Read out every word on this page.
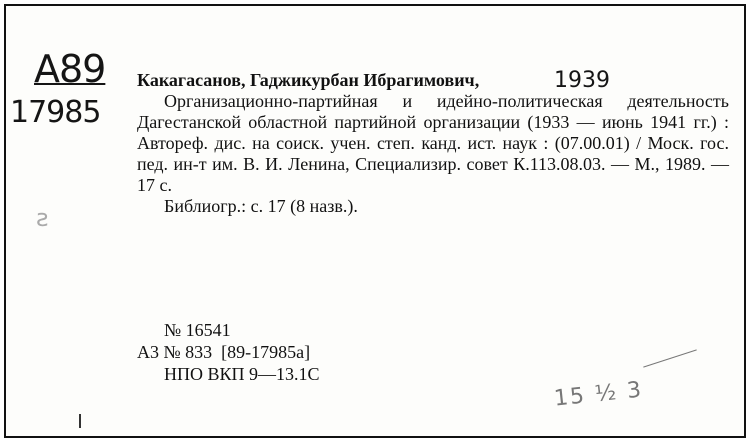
A89
17985
1939

Какагасанов, Гаджикурбан Ибрагимович,

Организационно-партийная и идейно-политическая деятельность Дагестанской областной партийной организации (1933 — июнь 1941 гг.) : Автореф. дис. на соиск. учен. степ. канд. ист. наук : (07.00.01) / Моск. гос. пед. ин-т им. В. И. Ленина, Специализир. совет К.113.08.03. — М., 1989. — 17 с.

Библиогр.: с. 17 (8 назв.).

№ 16541
А3 № 833  [89-17985а]
НПО ВКП 9—13.1С
ƨ
15 ½ 3
